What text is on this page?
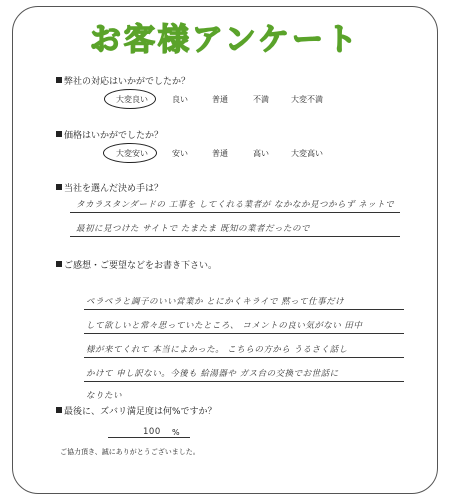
お客様アンケート
弊社の対応はいかがでしたか？
大変良い	良い	普通	不満	大変不満
価格はいかがでしたか？
大変安い	安い	普通	高い	大変高い
当社を選んだ決め手は？
タカラスタンダードの 工事を してくれる業者が なかなか見つからず ネットで
最初に見つけた サイトで たまたま 既知の業者だったので
ご感想・ご要望などをお書き下さい。
ペラペラと調子のいい営業か とにかくキライで 黙って仕事だけ
して欲しいと常々思っていたところ、 コメントの良い気がない 田中
様が来てくれて 本当によかった。 こちらの方から うるさく話し
かけて 申し訳ない。今後も 給湯器や ガス台の交換でお世話に
なりたい
最後に、ズバリ満足度は何%ですか？
100 %
ご協力頂き、誠にありがとうございました。
